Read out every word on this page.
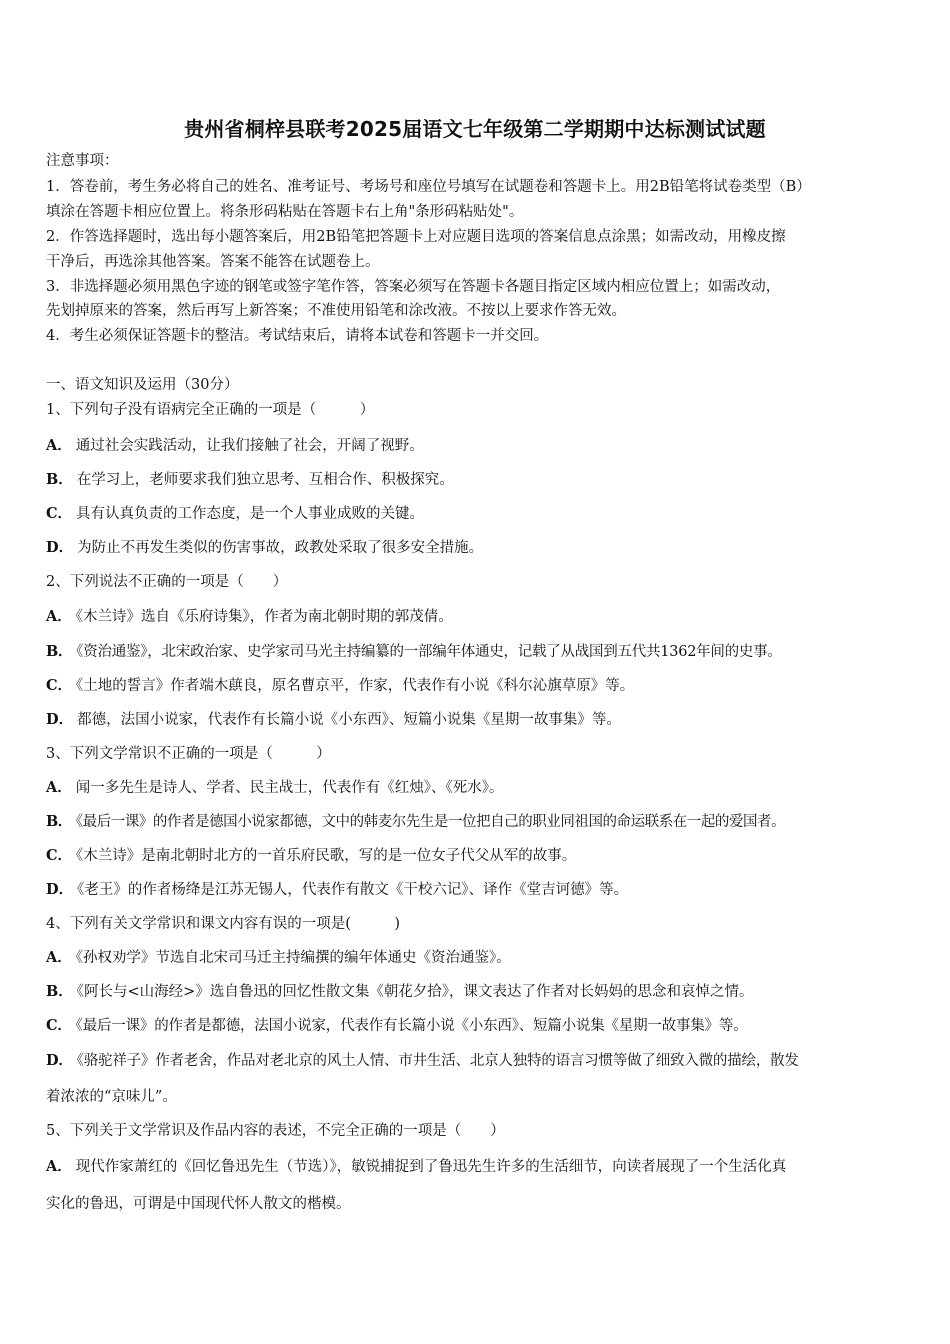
贵州省桐梓县联考2025届语文七年级第二学期期中达标测试试题
注意事项：
1．答卷前，考生务必将自己的姓名、准考证号、考场号和座位号填写在试题卷和答题卡上。用2B铅笔将试卷类型（B）
填涂在答题卡相应位置上。将条形码粘贴在答题卡右上角"条形码粘贴处"。
2．作答选择题时，选出每小题答案后，用2B铅笔把答题卡上对应题目选项的答案信息点涂黑；如需改动，用橡皮擦
干净后，再选涂其他答案。答案不能答在试题卷上。
3．非选择题必须用黑色字迹的钢笔或签字笔作答，答案必须写在答题卡各题目指定区域内相应位置上；如需改动，
先划掉原来的答案，然后再写上新答案；不准使用铅笔和涂改液。不按以上要求作答无效。
4．考生必须保证答题卡的整洁。考试结束后，请将本试卷和答题卡一并交回。
一、语文知识及运用（30分）
1、下列句子没有语病完全正确的一项是（　　　）
A． 通过社会实践活动，让我们接触了社会，开阔了视野。
B． 在学习上，老师要求我们独立思考、互相合作、积极探究。
C． 具有认真负责的工作态度，是一个人事业成败的关键。
D． 为防止不再发生类似的伤害事故，政教处采取了很多安全措施。
2、下列说法不正确的一项是（　　）
A． 《木兰诗》选自《乐府诗集》，作者为南北朝时期的郭茂倩。
B． 《资治通鉴》，北宋政治家、史学家司马光主持编纂的一部编年体通史，记载了从战国到五代共1362年间的史事。
C． 《土地的誓言》作者端木蕻良，原名曹京平，作家，代表作有小说《科尔沁旗草原》等。
D． 都德，法国小说家，代表作有长篇小说《小东西》、短篇小说集《星期一故事集》等。
3、下列文学常识不正确的一项是（　　　）
A． 闻一多先生是诗人、学者、民主战士，代表作有《红烛》、《死水》。
B． 《最后一课》的作者是德国小说家都德，文中的韩麦尔先生是一位把自己的职业同祖国的命运联系在一起的爱国者。
C． 《木兰诗》是南北朝时北方的一首乐府民歌，写的是一位女子代父从军的故事。
D． 《老王》的作者杨绛是江苏无锡人，代表作有散文《干校六记》、译作《堂吉诃德》等。
4、下列有关文学常识和课文内容有误的一项是(　　　)
A． 《孙权劝学》节选自北宋司马迁主持编撰的编年体通史《资治通鉴》。
B． 《阿长与<山海经>》选自鲁迅的回忆性散文集《朝花夕拾》，课文表达了作者对长妈妈的思念和哀悼之情。
C． 《最后一课》的作者是都德，法国小说家，代表作有长篇小说《小东西》、短篇小说集《星期一故事集》等。
D． 《骆驼祥子》作者老舍，作品对老北京的风土人情、市井生活、北京人独特的语言习惯等做了细致入微的描绘，散发
着浓浓的“京味儿”。
5、下列关于文学常识及作品内容的表述，不完全正确的一项是（　　）
A． 现代作家萧红的《回忆鲁迅先生（节选）》，敏锐捕捉到了鲁迅先生许多的生活细节，向读者展现了一个生活化真
实化的鲁迅，可谓是中国现代怀人散文的楷模。
